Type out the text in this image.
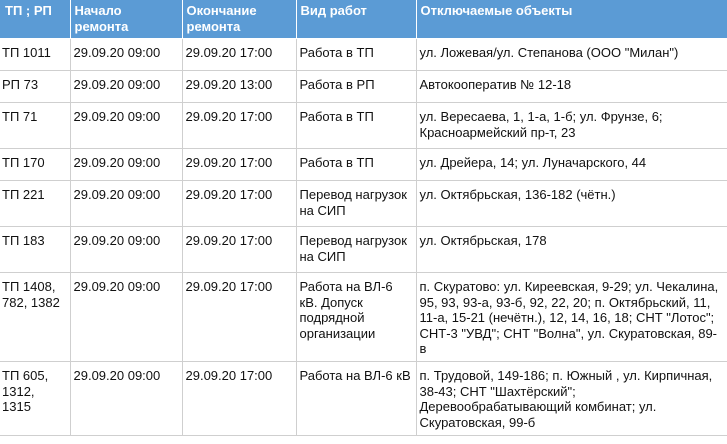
ТП ; РП	Начало ремонта	Окончание ремонта	Вид работ	Отключаемые объекты
ТП 1011	29.09.20 09:00	29.09.20 17:00	Работа в ТП	ул. Ложевая/ул. Степанова (ООО "Милан")
РП 73	29.09.20 09:00	29.09.20 13:00	Работа в РП	Автокооператив № 12-18
ТП 71	29.09.20 09:00	29.09.20 17:00	Работа в ТП	ул. Вересаева, 1, 1-а, 1-б; ул. Фрунзе, 6; Красноармейский пр-т, 23
ТП 170	29.09.20 09:00	29.09.20 17:00	Работа в ТП	ул. Дрейера, 14; ул. Луначарского, 44
ТП 221	29.09.20 09:00	29.09.20 17:00	Перевод нагрузок на СИП	ул. Октябрьская, 136-182 (чётн.)
ТП 183	29.09.20 09:00	29.09.20 17:00	Перевод нагрузок на СИП	ул. Октябрьская, 178
ТП 1408, 782, 1382	29.09.20 09:00	29.09.20 17:00	Работа на ВЛ-6 кВ. Допуск подрядной организации	п. Скуратово: ул. Киреевская, 9-29; ул. Чекалина, 95, 93, 93-а, 93-б, 92, 22, 20; п. Октябрьский, 11, 11-а, 15-21 (нечётн.), 12, 14, 16, 18; СНТ "Лотос"; СНТ-3 "УВД"; СНТ "Волна", ул. Скуратовская, 89-в
ТП 605, 1312, 1315	29.09.20 09:00	29.09.20 17:00	Работа на ВЛ-6 кВ	п. Трудовой, 149-186; п. Южный , ул. Кирпичная, 38-43; СНТ "Шахтёрский"; Деревообрабатывающий комбинат; ул. Скуратовская, 99-б
